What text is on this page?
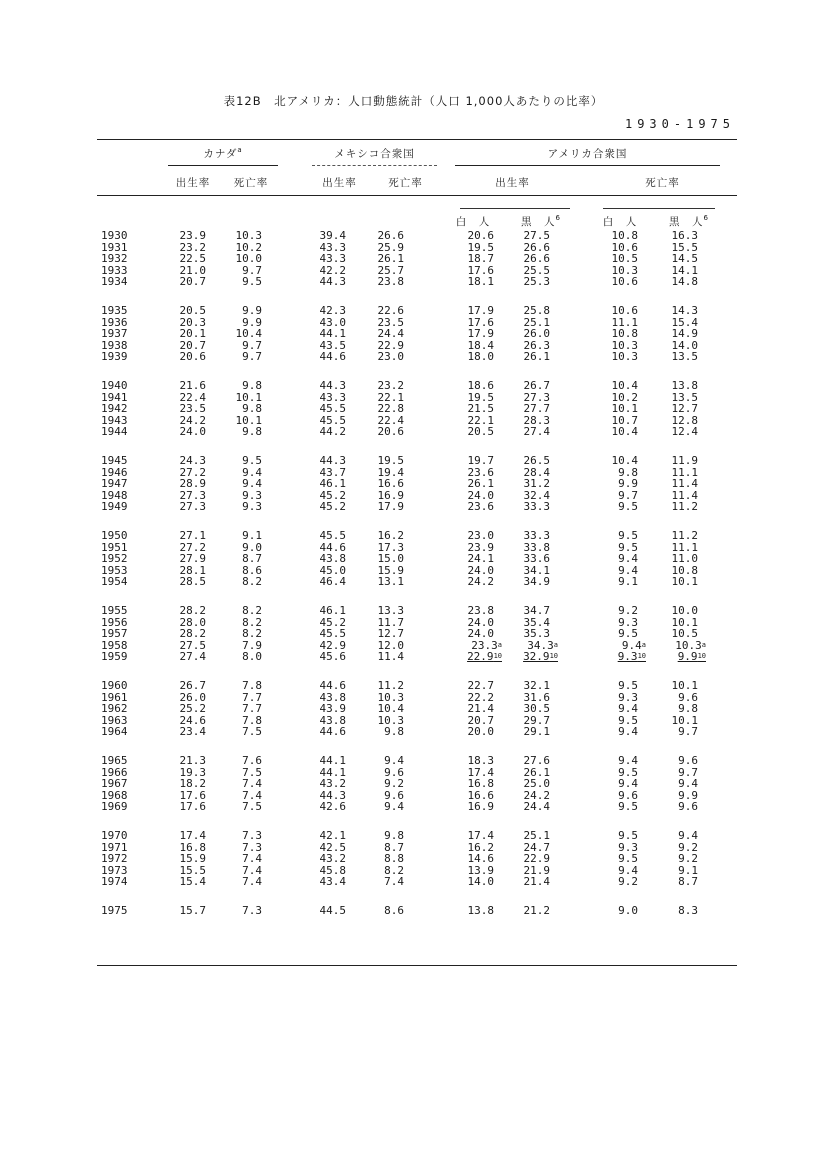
表12B　北アメリカ：人口動態統計（人口 1,000人あたりの比率）
1930-1975
カナダ$^a$	メキシコ合衆国	アメリカ合衆国
出生率	死亡率	出生率	死亡率	出生率	死亡率
白　人	黒　人$^6$	白　人	黒　人$^6$
1930	23.9	10.3	39.4	26.6	20.6	27.5	10.8	16.3
1931	23.2	10.2	43.3	25.9	19.5	26.6	10.6	15.5
1932	22.5	10.0	43.3	26.1	18.7	26.6	10.5	14.5
1933	21.0	9.7	42.2	25.7	17.6	25.5	10.3	14.1
1934	20.7	9.5	44.3	23.8	18.1	25.3	10.6	14.8
1935	20.5	9.9	42.3	22.6	17.9	25.8	10.6	14.3
1936	20.3	9.9	43.0	23.5	17.6	25.1	11.1	15.4
1937	20.1	10.4	44.1	24.4	17.9	26.0	10.8	14.9
1938	20.7	9.7	43.5	22.9	18.4	26.3	10.3	14.0
1939	20.6	9.7	44.6	23.0	18.0	26.1	10.3	13.5
1940	21.6	9.8	44.3	23.2	18.6	26.7	10.4	13.8
1941	22.4	10.1	43.3	22.1	19.5	27.3	10.2	13.5
1942	23.5	9.8	45.5	22.8	21.5	27.7	10.1	12.7
1943	24.2	10.1	45.5	22.4	22.1	28.3	10.7	12.8
1944	24.0	9.8	44.2	20.6	20.5	27.4	10.4	12.4
1945	24.3	9.5	44.3	19.5	19.7	26.5	10.4	11.9
1946	27.2	9.4	43.7	19.4	23.6	28.4	9.8	11.1
1947	28.9	9.4	46.1	16.6	26.1	31.2	9.9	11.4
1948	27.3	9.3	45.2	16.9	24.0	32.4	9.7	11.4
1949	27.3	9.3	45.2	17.9	23.6	33.3	9.5	11.2
1950	27.1	9.1	45.5	16.2	23.0	33.3	9.5	11.2
1951	27.2	9.0	44.6	17.3	23.9	33.8	9.5	11.1
1952	27.9	8.7	43.8	15.0	24.1	33.6	9.4	11.0
1953	28.1	8.6	45.0	15.9	24.0	34.1	9.4	10.8
1954	28.5	8.2	46.4	13.1	24.2	34.9	9.1	10.1
1955	28.2	8.2	46.1	13.3	23.8	34.7	9.2	10.0
1956	28.0	8.2	45.2	11.7	24.0	35.4	9.3	10.1
1957	28.2	8.2	45.5	12.7	24.0	35.3	9.5	10.5
1958	27.5	7.9	42.9	12.0	23.3$^a$	34.3$^a$	9.4$^a$	10.3$^a$
1959	27.4	8.0	45.6	11.4	22.9$^{10}$	32.9$^{10}$	$9.3^{10}$	$9.9^{10}$
1960	26.7	7.8	44.6	11.2	22.7	32.1	9.5	10.1
1961	26.0	7.7	43.8	10.3	22.2	31.6	9.3	9.6
1962	25.2	7.7	43.9	10.4	21.4	30.5	9.4	9.8
1963	24.6	7.8	43.8	10.3	20.7	29.7	9.5	10.1
1964	23.4	7.5	44.6	9.8	20.0	29.1	9.4	9.7
1965	21.3	7.6	44.1	9.4	18.3	27.6	9.4	9.6
1966	19.3	7.5	44.1	9.6	17.4	26.1	9.5	9.7
1967	18.2	7.4	43.2	9.2	16.8	25.0	9.4	9.4
1968	17.6	7.4	44.3	9.6	16.6	24.2	9.6	9.9
1969	17.6	7.5	42.6	9.4	16.9	24.4	9.5	9.6
1970	17.4	7.3	42.1	9.8	17.4	25.1	9.5	9.4
1971	16.8	7.3	42.5	8.7	16.2	24.7	9.3	9.2
1972	15.9	7.4	43.2	8.8	14.6	22.9	9.5	9.2
1973	15.5	7.4	45.8	8.2	13.9	21.9	9.4	9.1
1974	15.4	7.4	43.4	7.4	14.0	21.4	9.2	8.7
1975	15.7	7.3	44.5	8.6	13.8	21.2	9.0	8.3
